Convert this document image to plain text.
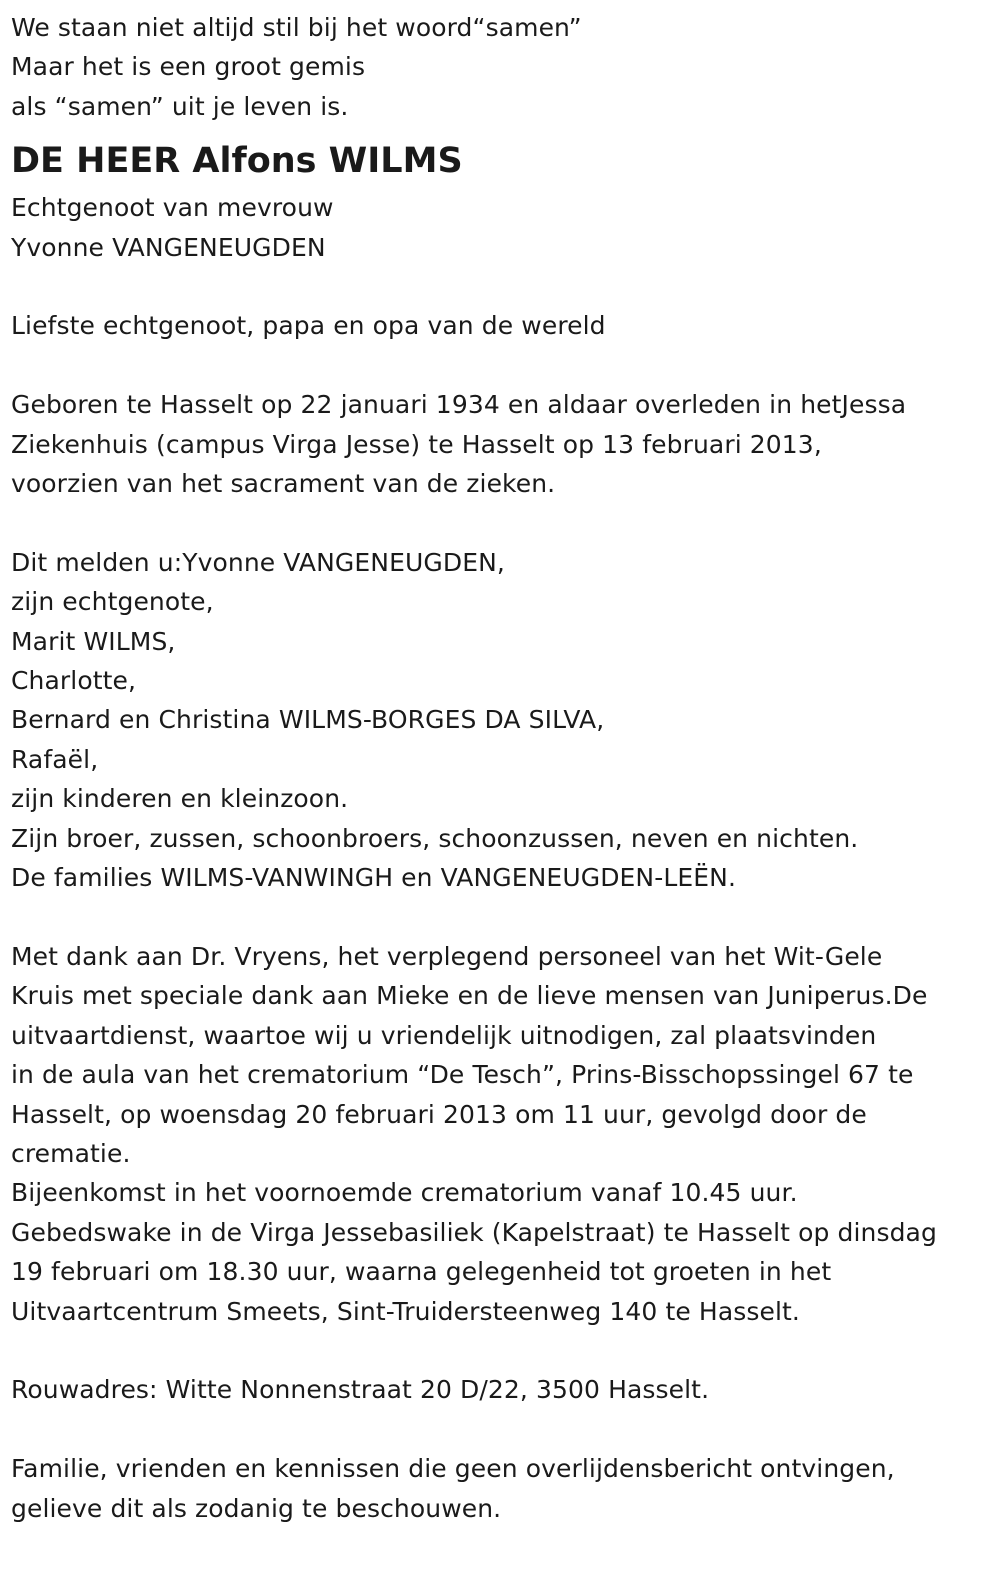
We staan niet altijd stil bij het woord“samen”
Maar het is een groot gemis
als “samen” uit je leven is.
DE HEER Alfons WILMS
Echtgenoot van mevrouw
Yvonne VANGENEUGDEN
Liefste echtgenoot, papa en opa van de wereld
Geboren te Hasselt op 22 januari 1934 en aldaar overleden in hetJessa
Ziekenhuis (campus Virga Jesse) te Hasselt op 13 februari 2013,
voorzien van het sacrament van de zieken.
Dit melden u:Yvonne VANGENEUGDEN,
zijn echtgenote,
Marit WILMS,
Charlotte,
Bernard en Christina WILMS-BORGES DA SILVA,
Rafaël,
zijn kinderen en kleinzoon.
Zijn broer, zussen, schoonbroers, schoonzussen, neven en nichten.
De families WILMS-VANWINGH en VANGENEUGDEN-LEËN.
Met dank aan Dr. Vryens, het verplegend personeel van het Wit-Gele
Kruis met speciale dank aan Mieke en de lieve mensen van Juniperus.De
uitvaartdienst, waartoe wij u vriendelijk uitnodigen, zal plaatsvinden
in de aula van het crematorium “De Tesch”, Prins-Bisschopssingel 67 te
Hasselt, op woensdag 20 februari 2013 om 11 uur, gevolgd door de
crematie.
Bijeenkomst in het voornoemde crematorium vanaf 10.45 uur.
Gebedswake in de Virga Jessebasiliek (Kapelstraat) te Hasselt op dinsdag
19 februari om 18.30 uur, waarna gelegenheid tot groeten in het
Uitvaartcentrum Smeets, Sint-Truidersteenweg 140 te Hasselt.
Rouwadres: Witte Nonnenstraat 20 D/22, 3500 Hasselt.
Familie, vrienden en kennissen die geen overlijdensbericht ontvingen,
gelieve dit als zodanig te beschouwen.
